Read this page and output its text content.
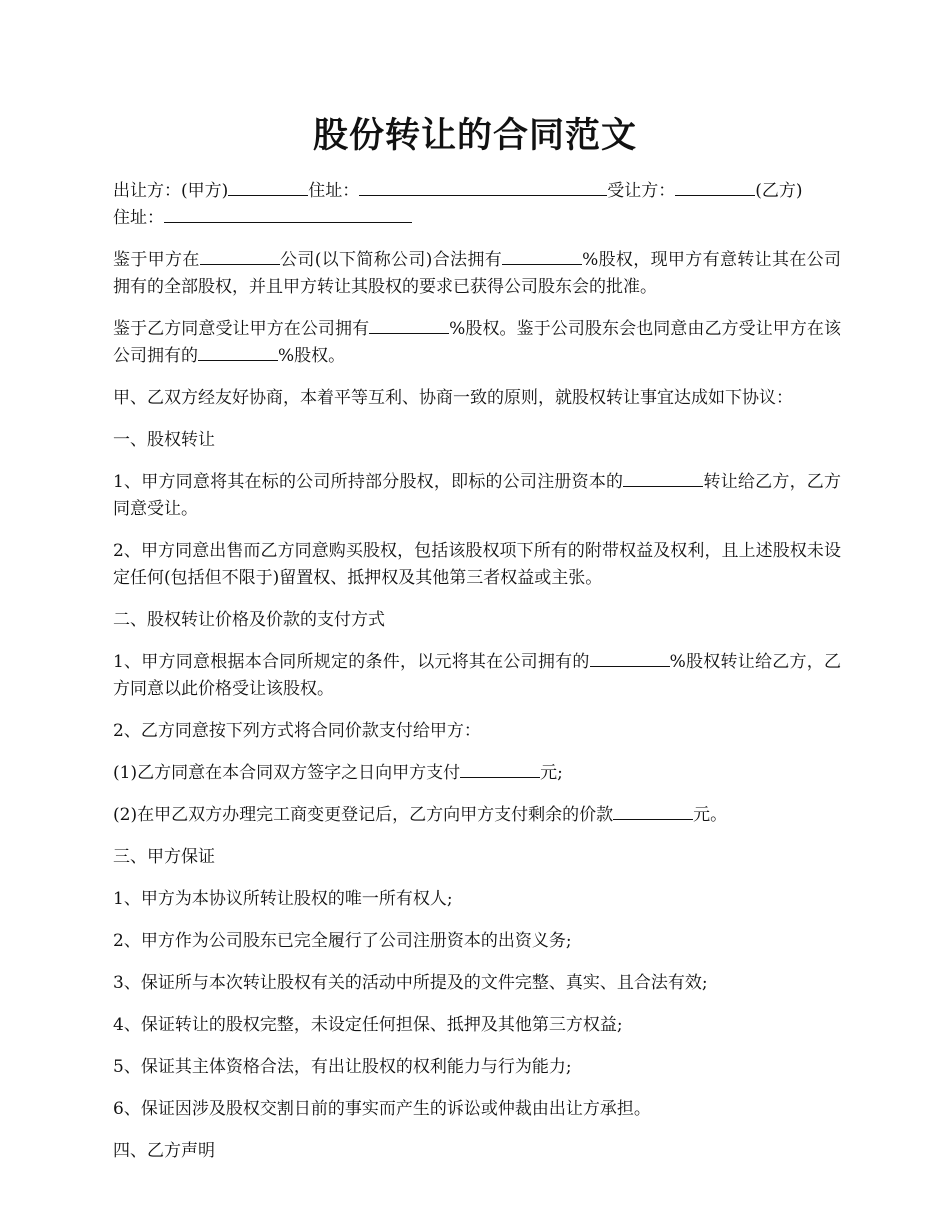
股份转让的合同范文

出让方：(甲方)	住址：	受让方：	(乙方)
住址：

鉴于甲方在	公司(以下简称公司)合法拥有	%股权，现甲方有意转让其在公司拥有的全部股权，并且甲方转让其股权的要求已获得公司股东会的批准。

鉴于乙方同意受让甲方在公司拥有	%股权。鉴于公司股东会也同意由乙方受让甲方在该公司拥有的	%股权。

甲、乙双方经友好协商，本着平等互利、协商一致的原则，就股权转让事宜达成如下协议：

一、股权转让

1、甲方同意将其在标的公司所持部分股权，即标的公司注册资本的	转让给乙方，乙方同意受让。

2、甲方同意出售而乙方同意购买股权，包括该股权项下所有的附带权益及权利，且上述股权未设定任何(包括但不限于)留置权、抵押权及其他第三者权益或主张。

二、股权转让价格及价款的支付方式

1、甲方同意根据本合同所规定的条件，以元将其在公司拥有的	%股权转让给乙方，乙方同意以此价格受让该股权。

2、乙方同意按下列方式将合同价款支付给甲方：

(1)乙方同意在本合同双方签字之日向甲方支付	元;

(2)在甲乙双方办理完工商变更登记后，乙方向甲方支付剩余的价款	元。

三、甲方保证

1、甲方为本协议所转让股权的唯一所有权人;

2、甲方作为公司股东已完全履行了公司注册资本的出资义务;

3、保证所与本次转让股权有关的活动中所提及的文件完整、真实、且合法有效;

4、保证转让的股权完整，未设定任何担保、抵押及其他第三方权益;

5、保证其主体资格合法，有出让股权的权利能力与行为能力;

6、保证因涉及股权交割日前的事实而产生的诉讼或仲裁由出让方承担。

四、乙方声明
